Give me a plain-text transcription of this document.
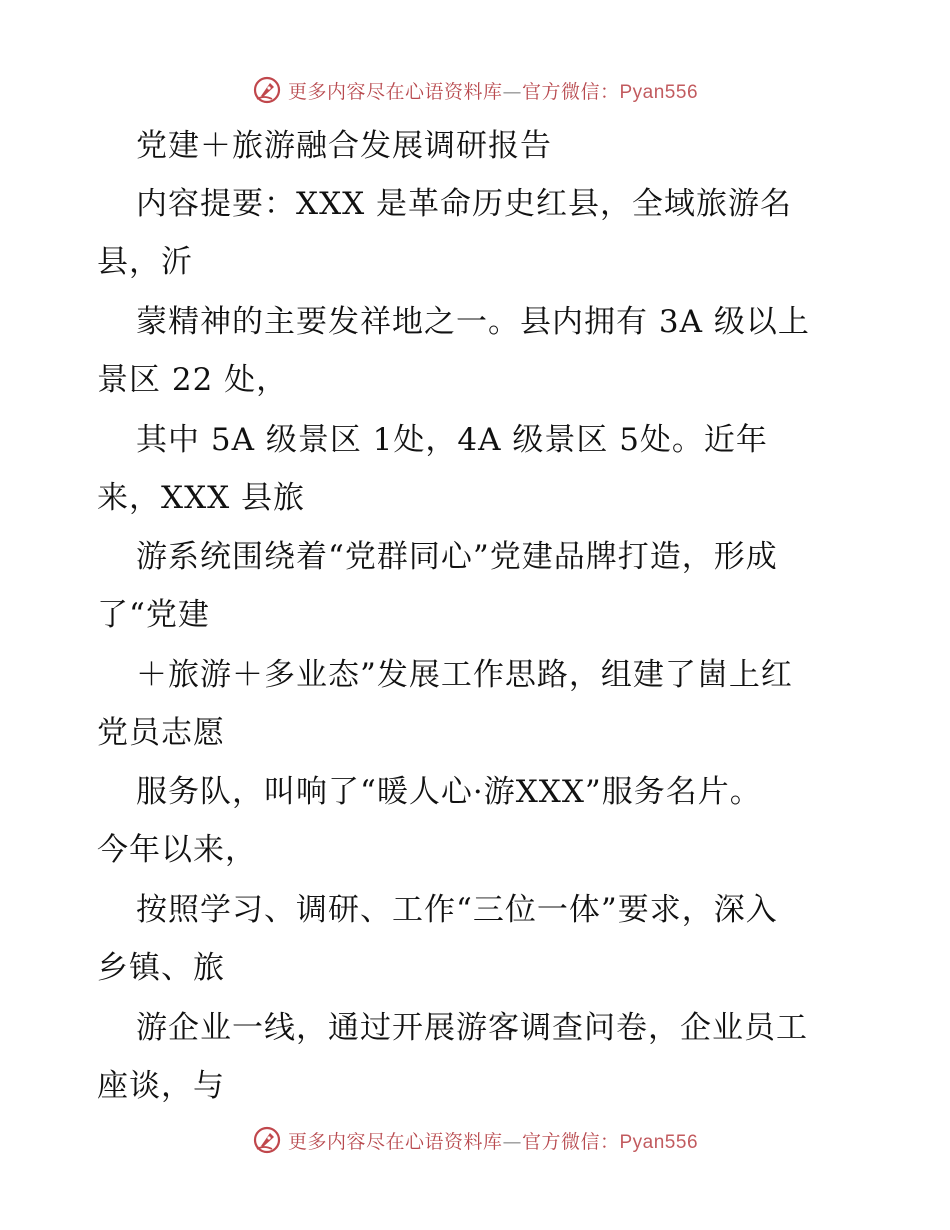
更多内容尽在心语资料库—官方微信：Pyan556
党建＋旅游融合发展调研报告
内容提要：XXX 是革命历史红县，全域旅游名
县，沂
蒙精神的主要发祥地之一。县内拥有 3A 级以上
景区 22 处，
其中 5A 级景区 1处，4A 级景区 5处。近年
来，XXX 县旅
游系统围绕着“党群同心”党建品牌打造，形成
了“党建
＋旅游＋多业态”发展工作思路，组建了崮上红
党员志愿
服务队，叫响了“暖人心·游XXX”服务名片。
今年以来，
按照学习、调研、工作“三位一体”要求，深入
乡镇、旅
游企业一线，通过开展游客调查问卷，企业员工
座谈，与
更多内容尽在心语资料库—官方微信：Pyan556
